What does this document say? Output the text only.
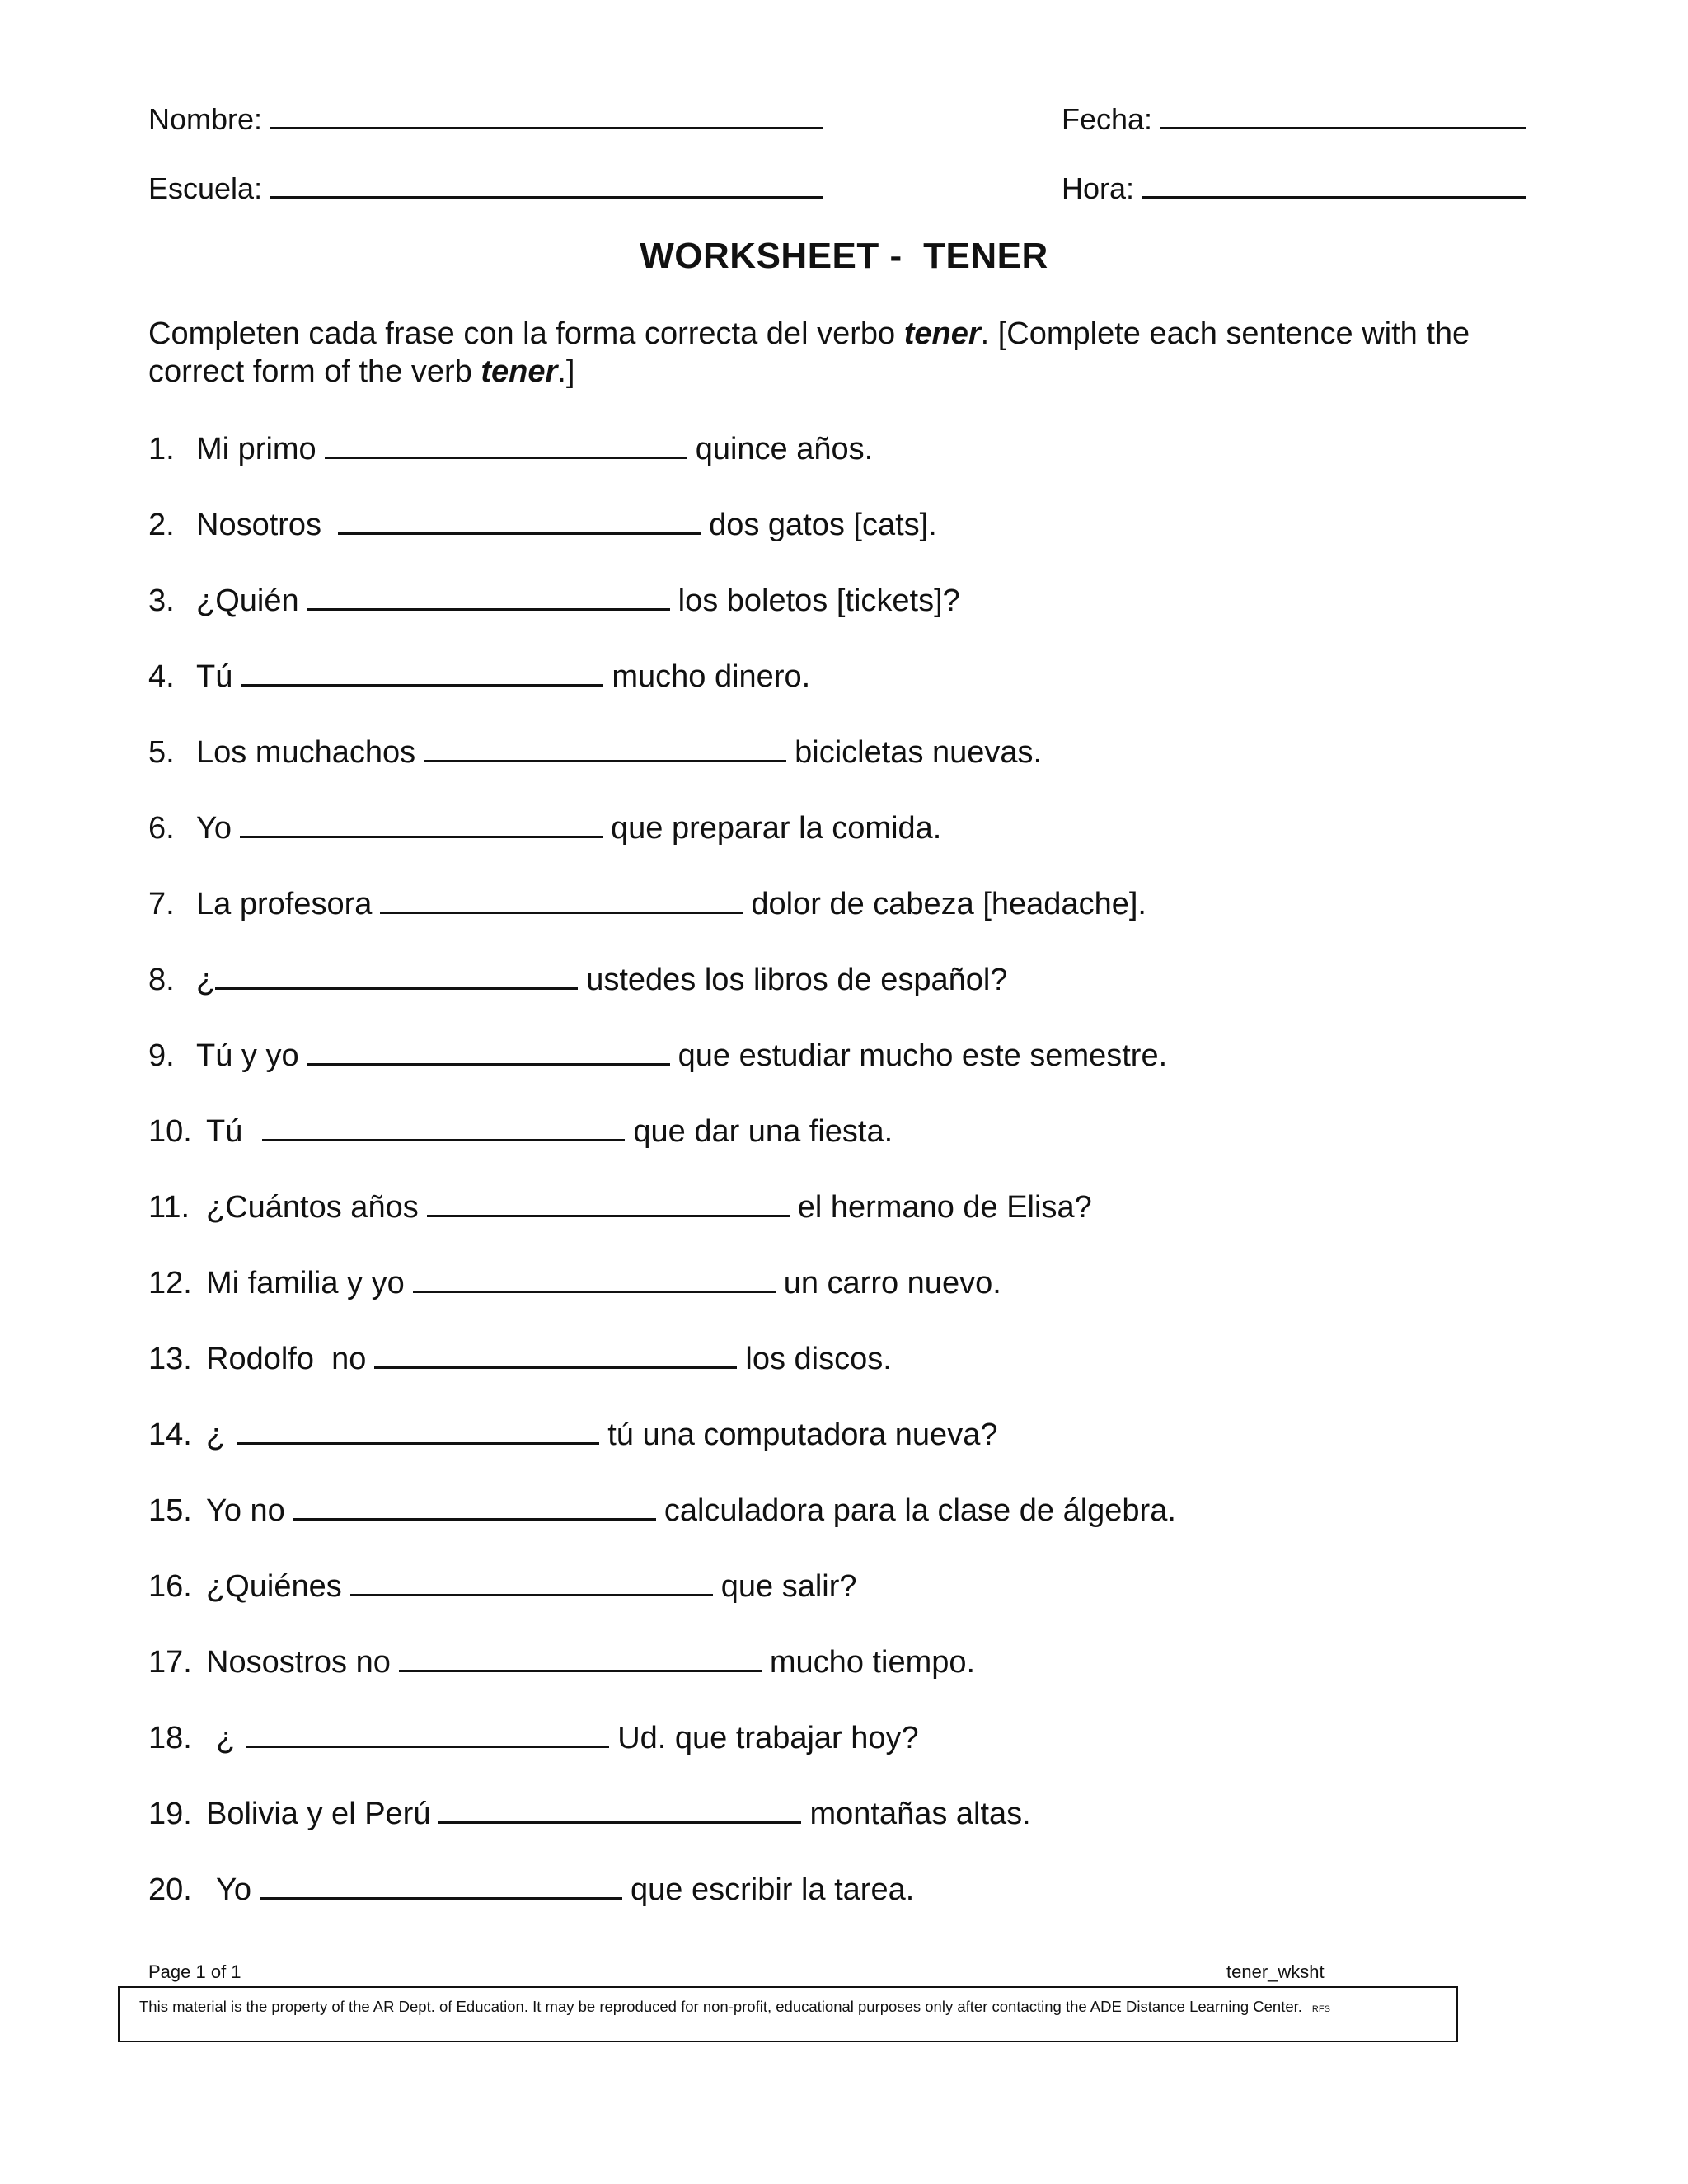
Nombre:	Fecha:
Escuela:	Hora:
WORKSHEET -  TENER
Completen cada frase con la forma correcta del verbo tener. [Complete each sentence with the correct form of the verb tener.]
1. Mi primo	quince años.
2. Nosotros	dos gatos [cats].
3. ¿Quién	los boletos [tickets]?
4. Tú	mucho dinero.
5. Los muchachos	bicicletas nuevas.
6. Yo	que preparar la comida.
7. La profesora	dolor de cabeza [headache].
8. ¿	ustedes los libros de español?
9. Tú y yo	que estudiar mucho este semestre.
10. Tú	que dar una fiesta.
11. ¿Cuántos años	el hermano de Elisa?
12. Mi familia y yo	un carro nuevo.
13. Rodolfo  no	los discos.
14. ¿	tú una computadora nueva?
15. Yo no	calculadora para la clase de álgebra.
16. ¿Quiénes	que salir?
17. Nosostros no	mucho tiempo.
18. ¿	Ud. que trabajar hoy?
19. Bolivia y el Perú	montañas altas.
20. Yo	que escribir la tarea.
Page 1 of 1	tener_wksht
This material is the property of the AR Dept. of Education. It may be reproduced for non-profit, educational purposes only after contacting the ADE Distance Learning Center. RFS
